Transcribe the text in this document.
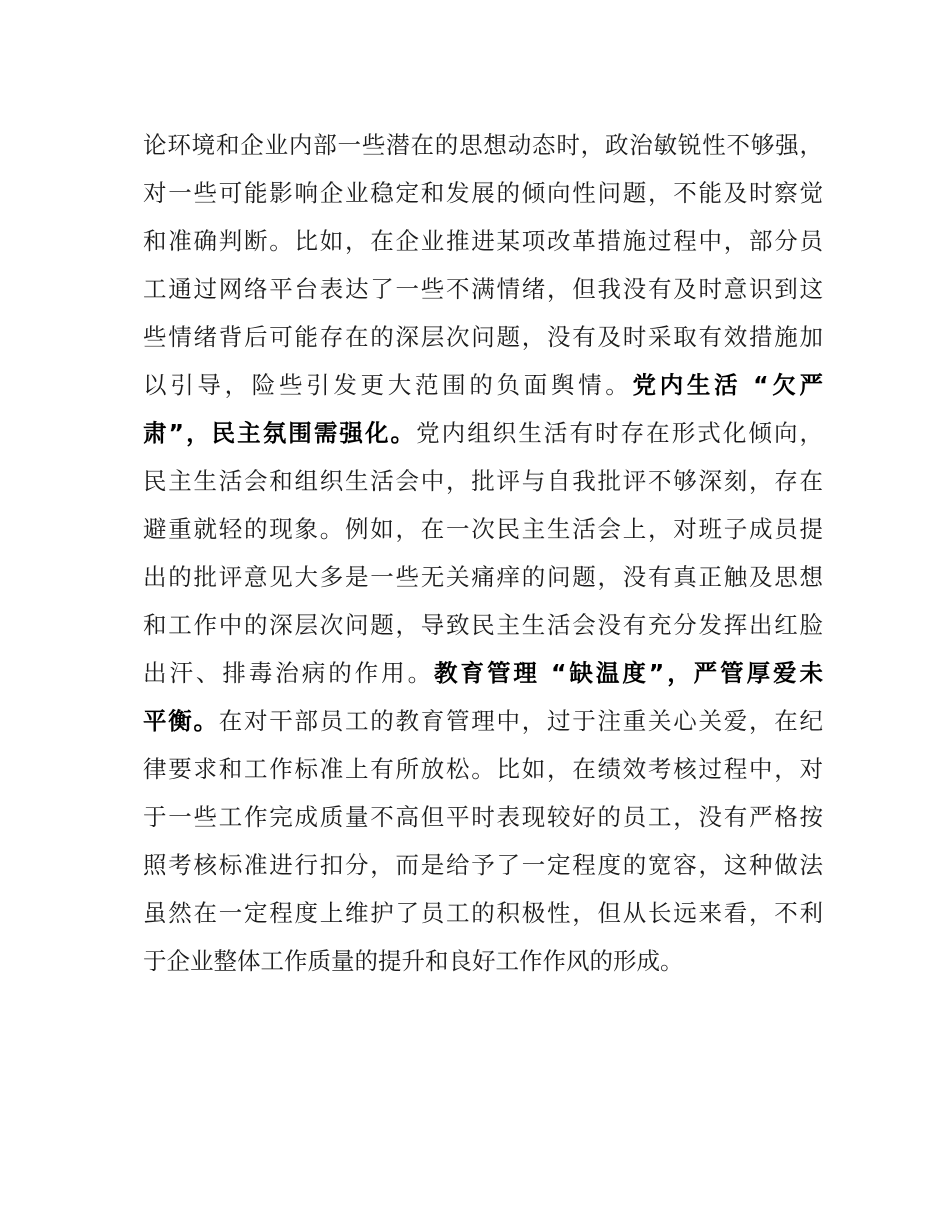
论环境和企业内部一些潜在的思想动态时，政治敏锐性不够强，
对一些可能影响企业稳定和发展的倾向性问题，不能及时察觉
和准确判断。比如，在企业推进某项改革措施过程中，部分员
工通过网络平台表达了一些不满情绪，但我没有及时意识到这
些情绪背后可能存在的深层次问题，没有及时采取有效措施加
以引导，险些引发更大范围的负面舆情。党内生活 “欠严
肃”，民主氛围需强化。党内组织生活有时存在形式化倾向，
民主生活会和组织生活会中，批评与自我批评不够深刻，存在
避重就轻的现象。例如，在一次民主生活会上，对班子成员提
出的批评意见大多是一些无关痛痒的问题，没有真正触及思想
和工作中的深层次问题，导致民主生活会没有充分发挥出红脸
出汗、排毒治病的作用。教育管理 “缺温度”，严管厚爱未
平衡。在对干部员工的教育管理中，过于注重关心关爱，在纪
律要求和工作标准上有所放松。比如，在绩效考核过程中，对
于一些工作完成质量不高但平时表现较好的员工，没有严格按
照考核标准进行扣分，而是给予了一定程度的宽容，这种做法
虽然在一定程度上维护了员工的积极性，但从长远来看，不利
于企业整体工作质量的提升和良好工作作风的形成。
